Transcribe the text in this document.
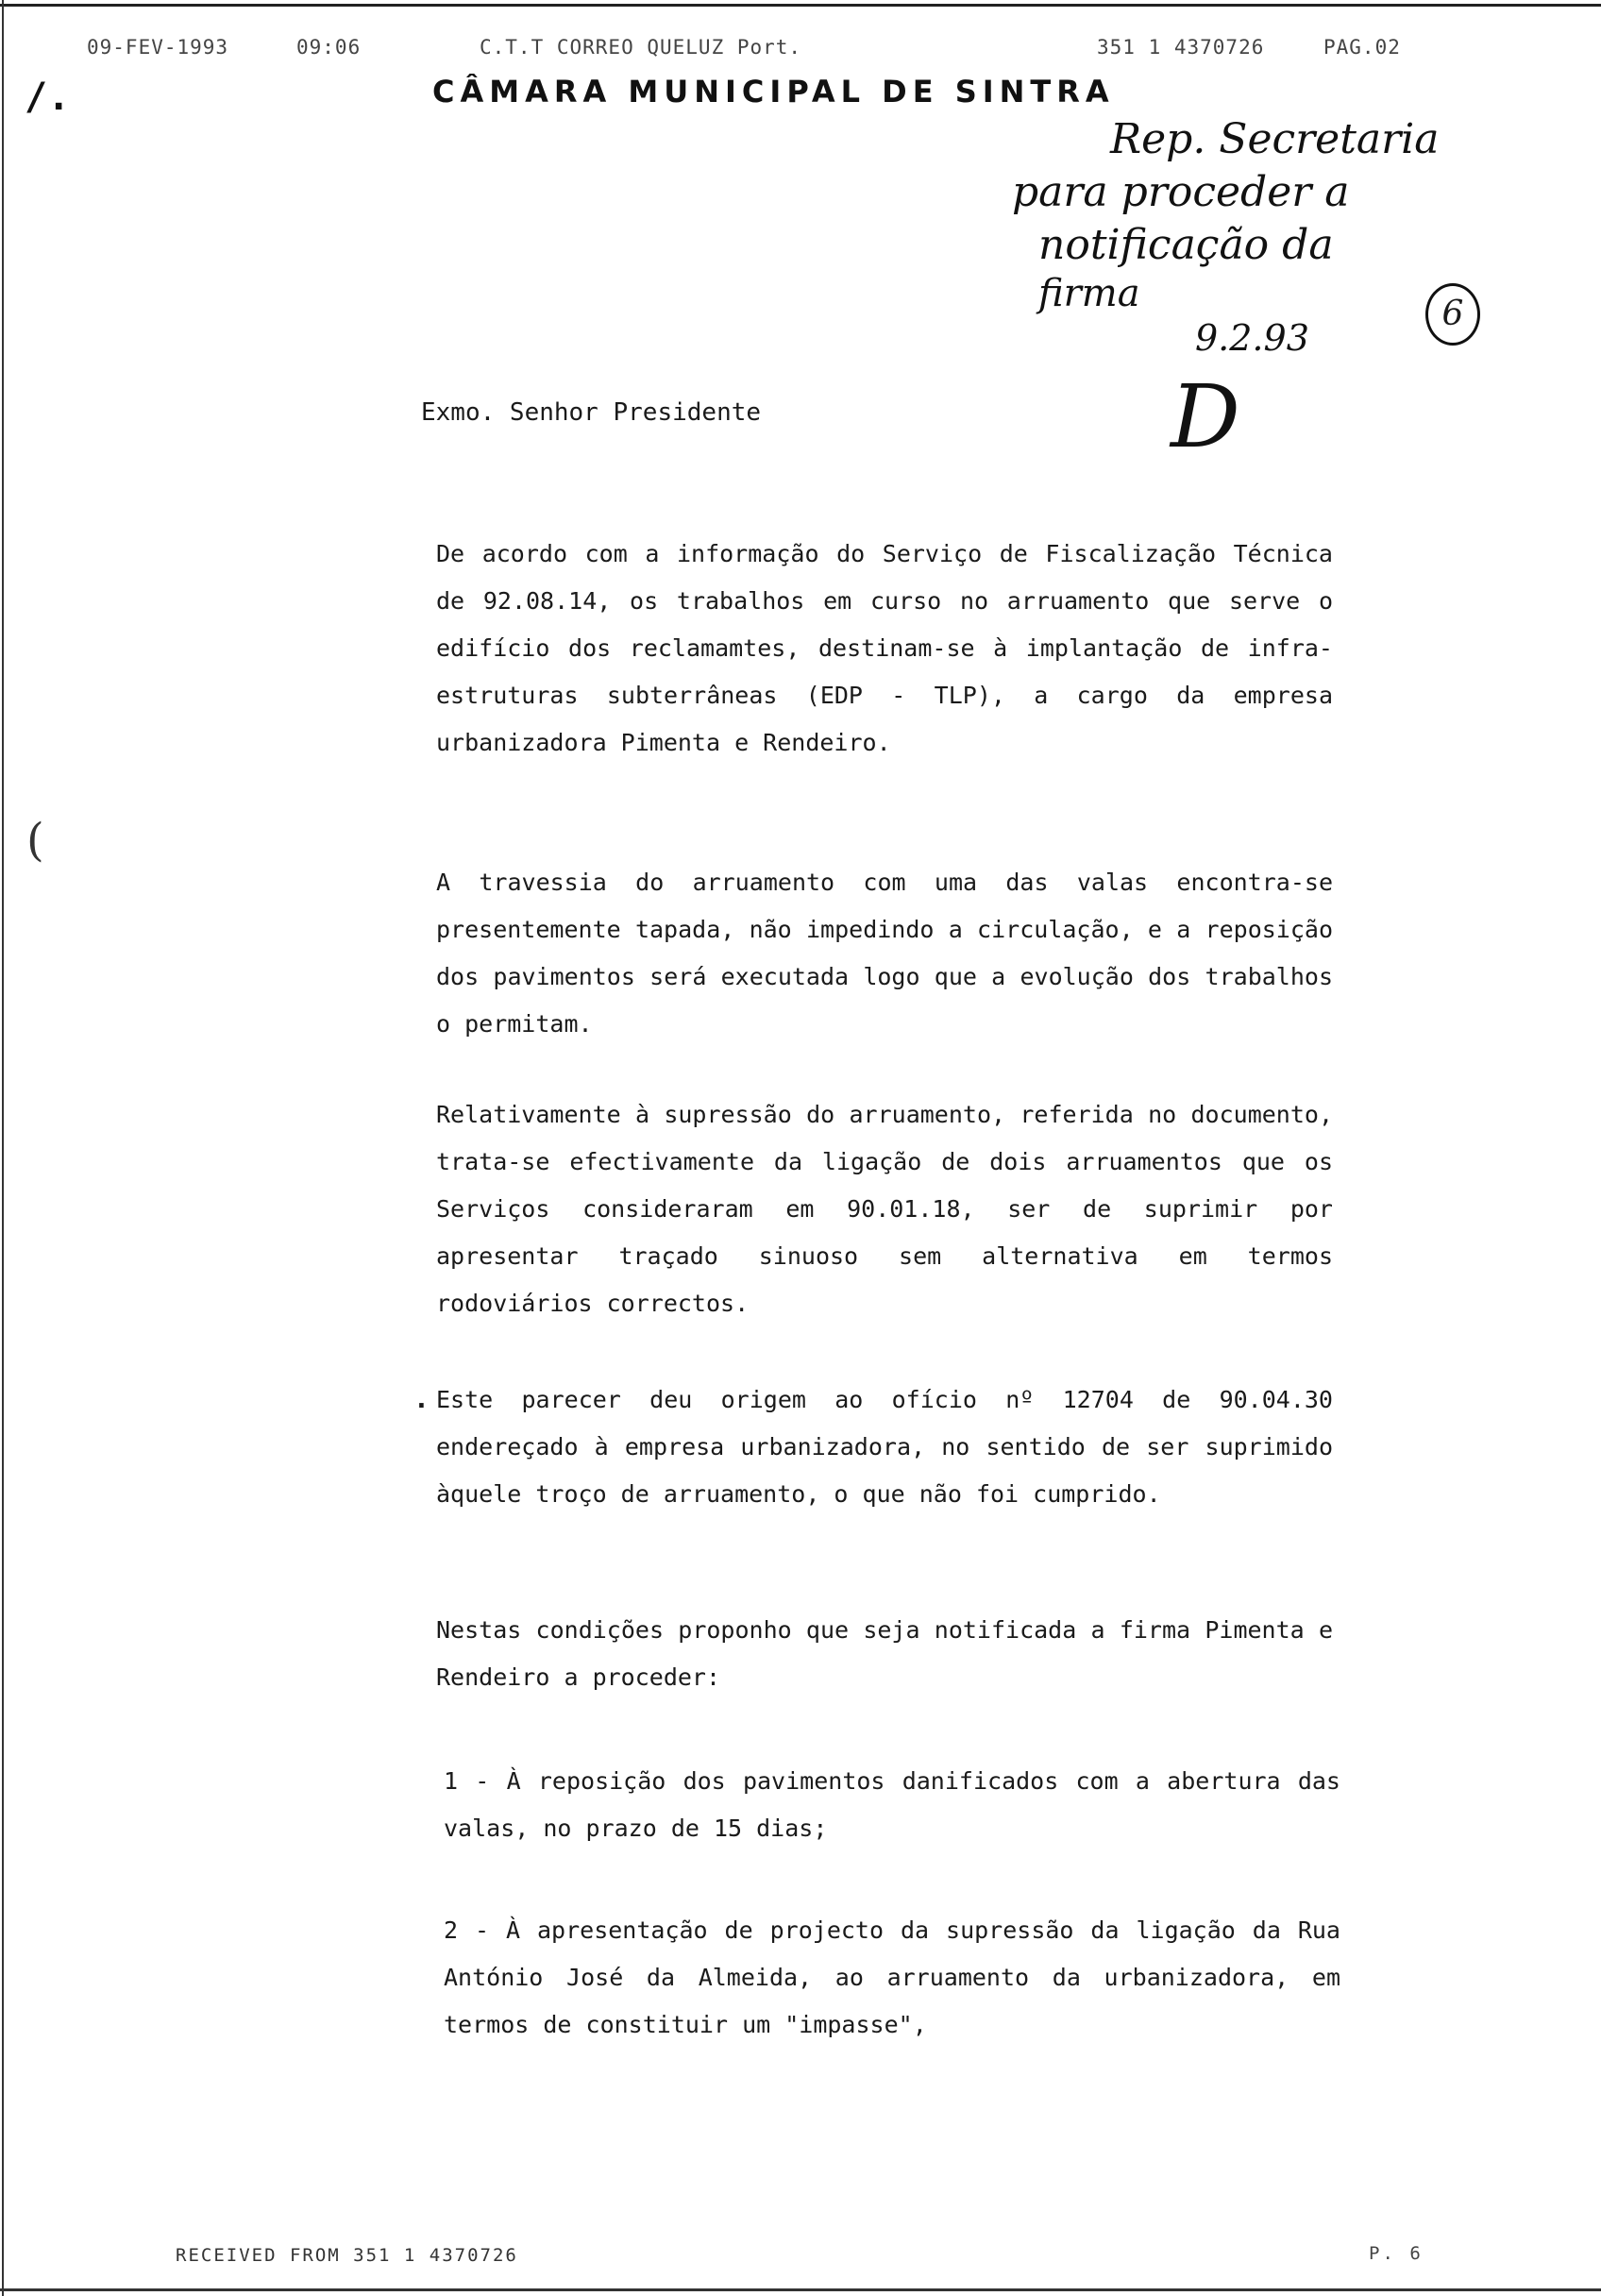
09-FEV-1993	09:06	C.T.T CORREO QUELUZ Port.	351 1 4370726	PAG.02
/.	CÂMARA MUNICIPAL DE SINTRA
Rep. Secretaria
para proceder a
notificação da
firma
9.2.93
6
D
(
Exmo. Senhor Presidente
De acordo com a informação do Serviço de Fiscalização Técnica de 92.08.14, os trabalhos em curso no arruamento que serve o edifício dos reclamamtes, destinam-se à implantação de infra-estruturas subterrâneas (EDP - TLP), a cargo da empresa urbanizadora Pimenta e Rendeiro.
A travessia do arruamento com uma das valas encontra-se presentemente tapada, não impedindo a circulação, e a reposição dos pavimentos será executada logo que a evolução dos trabalhos o permitam.
Relativamente à supressão do arruamento, referida no documento, trata-se efectivamente da ligação de dois arruamentos que os Serviços consideraram em 90.01.18, ser de suprimir por apresentar traçado sinuoso sem alternativa em termos rodoviários correctos.
· Este parecer deu origem ao ofício nº 12704 de 90.04.30 endereçado à empresa urbanizadora, no sentido de ser suprimido àquele troço de arruamento, o que não foi cumprido.
Nestas condições proponho que seja notificada a firma Pimenta e Rendeiro a proceder:
1 - À reposição dos pavimentos danificados com a abertura das valas, no prazo de 15 dias;
2 - À apresentação de projecto da supressão da ligação da Rua António José da Almeida, ao arruamento da urbanizadora, em termos de constituir um "impasse",
RECEIVED FROM 351 1 4370726	P. 6
